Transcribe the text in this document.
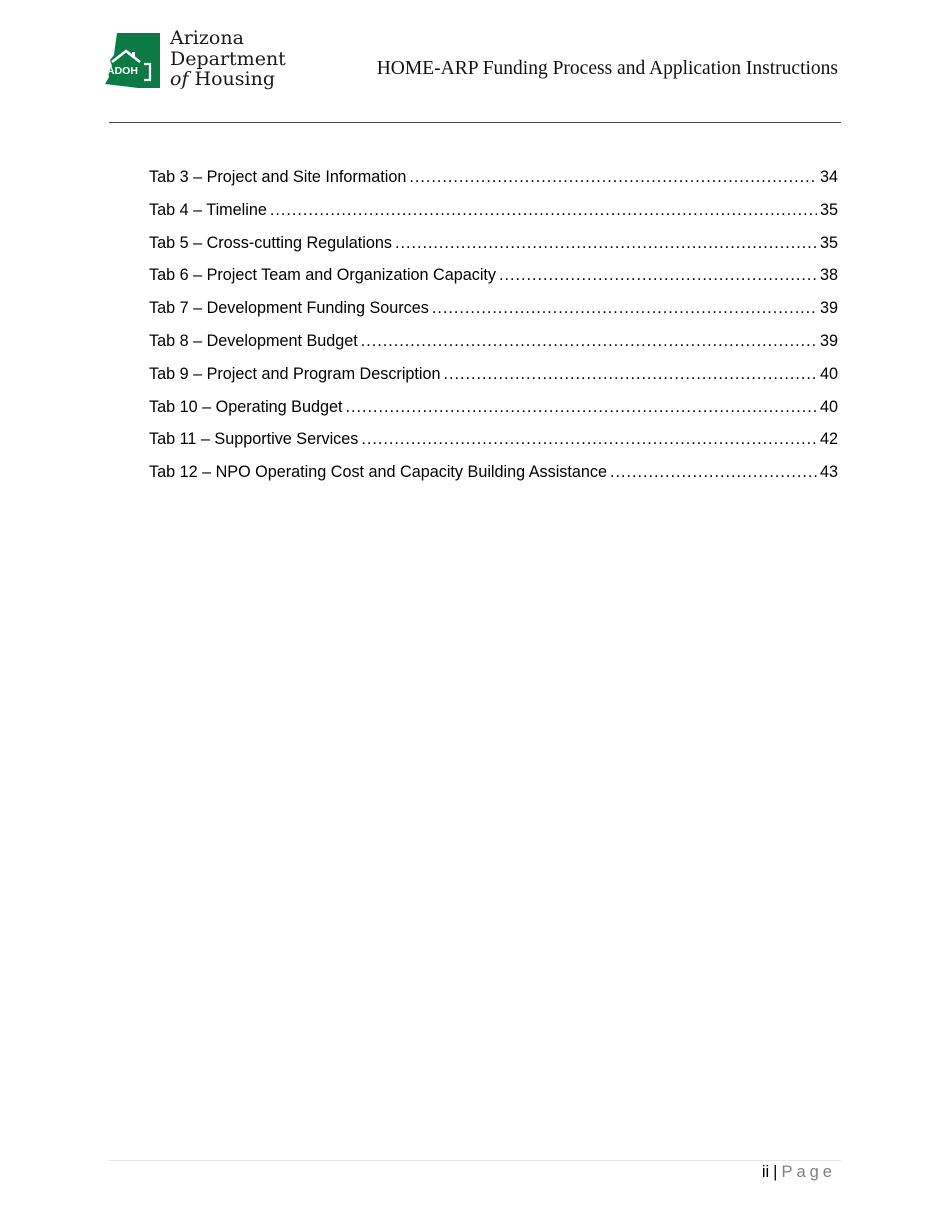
ADOH
Arizona
Department
of Housing	HOME-ARP Funding Process and Application Instructions
Tab 3 – Project and Site Information .....	34
Tab 4 – Timeline .....	35
Tab 5 – Cross-cutting Regulations .....	35
Tab 6 – Project Team and Organization Capacity .....	38
Tab 7 – Development Funding Sources .....	39
Tab 8 – Development Budget .....	39
Tab 9 – Project and Program Description .....	40
Tab 10 – Operating Budget .....	40
Tab 11 – Supportive Services .....	42
Tab 12 – NPO Operating Cost and Capacity Building Assistance .....	43
ii | Page
